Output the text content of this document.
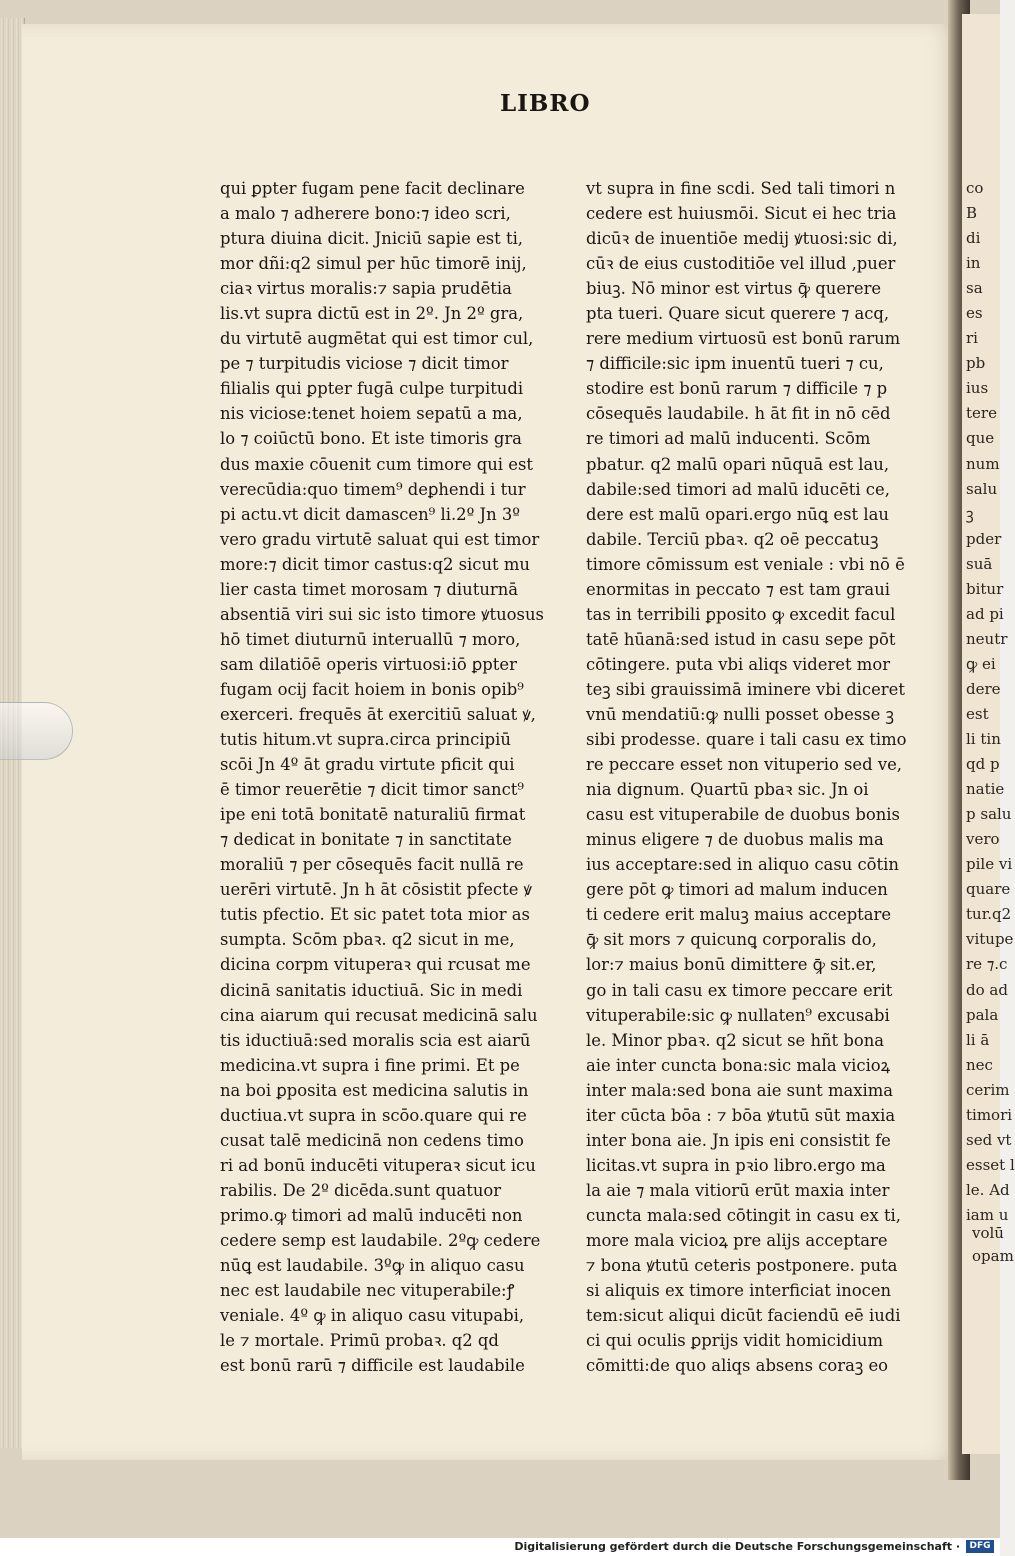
LIBRO
qui ꝑpter fugam pene facit declinare
a malo ⁊ adherere bono:⁊ ideo scri,
ptura diuina dicit. Jniciū sapie est ti,
mor dñi:q2 simul per hūc timorē inij,
ciaꝛ virtus moralis:⁊ sapia prudētia
lis.vt supra dictū est in 2º. Jn 2º gra,
du virtutē augmētat qui est timor cul,
pe ⁊ turpitudis viciose ⁊ dicit timor
filialis qui ꝑpter fugā culpe turpitudi
nis viciose:tenet hoiem sepatū a ma,
lo ⁊ coiūctū bono. Et iste timoris gra
dus maxie cōuenit cum timore qui est
verecūdia:quo timem⁹ deꝑhendi i tur
pi actu.vt dicit damascen⁹ li.2º Jn 3º
vero gradu virtutē saluat qui est timor
more:⁊ dicit timor castus:q2 sicut mu
lier casta timet morosam ⁊ diuturnā
absentiā viri sui sic isto timore ꝟtuosus
hō timet diuturnū interuallū ⁊ moro,
sam dilatiōē operis virtuosi:iō ꝑpter
fugam ocij facit hoiem in bonis opib⁹
exerceri. frequēs āt exercitiū saluat ꝟ,
tutis hitum.vt supra.circa principiū
scōi Jn 4º āt gradu virtute pficit qui
ē timor reuerētie ⁊ dicit timor sanct⁹
ipe eni totā bonitatē naturaliū firmat
⁊ dedicat in bonitate ⁊ in sanctitate
moraliū ⁊ per cōsequēs facit nullā re
uerēri virtutē. Jn h āt cōsistit pfecte ꝟ
tutis pfectio. Et sic patet tota mior as
sumpta. Scōm pbaꝛ. q2 sicut in me,
dicina corpm vituperaꝛ qui rcusat me
dicinā sanitatis iductiuā. Sic in medi
cina aiarum qui recusat medicinā salu
tis iductiuā:sed moralis scia est aiarū
medicina.vt supra i fine primi. Et pe
na boi ꝑposita est medicina salutis in
ductiua.vt supra in scōo.quare qui re
cusat talē medicinā non cedens timo
ri ad bonū inducēti vituperaꝛ sicut icu
rabilis. De 2º dicēda.sunt quatuor
primo.ꝙ timori ad malū inducēti non
cedere semp est laudabile. 2ºꝙ cedere
nūꝗ est laudabile. 3ºꝙ in aliquo casu
nec est laudabile nec vituperabile:ꝭ
veniale. 4º ꝙ in aliquo casu vitupabi,
le ⁊ mortale. Primū probaꝛ. q2 qd
est bonū rarū ⁊ difficile est laudabile
vt supra in fine scdi. Sed tali timori n
cedere est huiusmōi. Sicut ei hec tria
dicūꝛ de inuentiōe medij ꝟtuosi:sic di,
cūꝛ de eius custoditiōe vel illud ,puer
biuꝫ. Nō minor est virtus ꝙ̄ querere
pta tueri. Quare sicut querere ⁊ acq,
rere medium virtuosū est bonū rarum
⁊ difficile:sic ipm inuentū tueri ⁊ cu,
stodire est bonū rarum ⁊ difficile ⁊ p
cōsequēs laudabile. h āt fit in nō cēd
re timori ad malū inducenti. Scōm
pbatur. q2 malū opari nūquā est lau,
dabile:sed timori ad malū iducēti ce,
dere est malū opari.ergo nūꝗ est lau
dabile. Terciū pbaꝛ. q2 oē peccatuꝫ
timore cōmissum est veniale : vbi nō ē
enormitas in peccato ⁊ est tam graui
tas in terribili ꝑposito ꝙ excedit facul
tatē hūanā:sed istud in casu sepe pōt
cōtingere. puta vbi aliqs videret mor
teꝫ sibi grauissimā iminere vbi diceret
vnū mendatiū:ꝙ nulli posset obesse ꝫ
sibi prodesse. quare i tali casu ex timo
re peccare esset non vituperio sed ve,
nia dignum. Quartū pbaꝛ sic. Jn oi
casu est vituperabile de duobus bonis
minus eligere ⁊ de duobus malis ma
ius acceptare:sed in aliquo casu cōtin
gere pōt ꝙ timori ad malum inducen
ti cedere erit maluꝫ maius acceptare
ꝙ̄ sit mors ⁊ quicunꝗ corporalis do,
lor:⁊ maius bonū dimittere ꝙ̄ sit.er,
go in tali casu ex timore peccare erit
vituperabile:sic ꝙ nullaten⁹ excusabi
le. Minor pbaꝛ. q2 sicut se hñt bona
aie inter cuncta bona:sic mala vicioꝝ
inter mala:sed bona aie sunt maxima
iter cūcta bōa : ⁊ bōa ꝟtutū sūt maxia
inter bona aie. Jn ipis eni consistit fe
licitas.vt supra in pꝛio libro.ergo ma
la aie ⁊ mala vitiorū erūt maxia inter
cuncta mala:sed cōtingit in casu ex ti,
more mala vicioꝝ pre alijs acceptare
⁊ bona ꝟtutū ceteris postponere. puta
si aliquis ex timore interficiat inocen
tem:sicut aliqui dicūt faciendū eē iudi
ci qui oculis ꝑprijs vidit homicidium
cōmitti:de quo aliqs absens coraꝫ eo
co
B
di
in
sa
es
ri
pb
ius
tere
que
num
salu
ꝫ
pder
suā
bitur
ad pi
neutr
ꝙ ei
dere
est
li tin
qd p
natie
p salu
vero
pile vi
quare
tur.q2
vitupe
re ⁊.c
do ad
pala
li ā
nec
cerim
timori
sed vt
esset l
le. Ad
iam u
volū
opam
Digitalisierung gefördert durch die Deutsche Forschungsgemeinschaft ·	DFG
